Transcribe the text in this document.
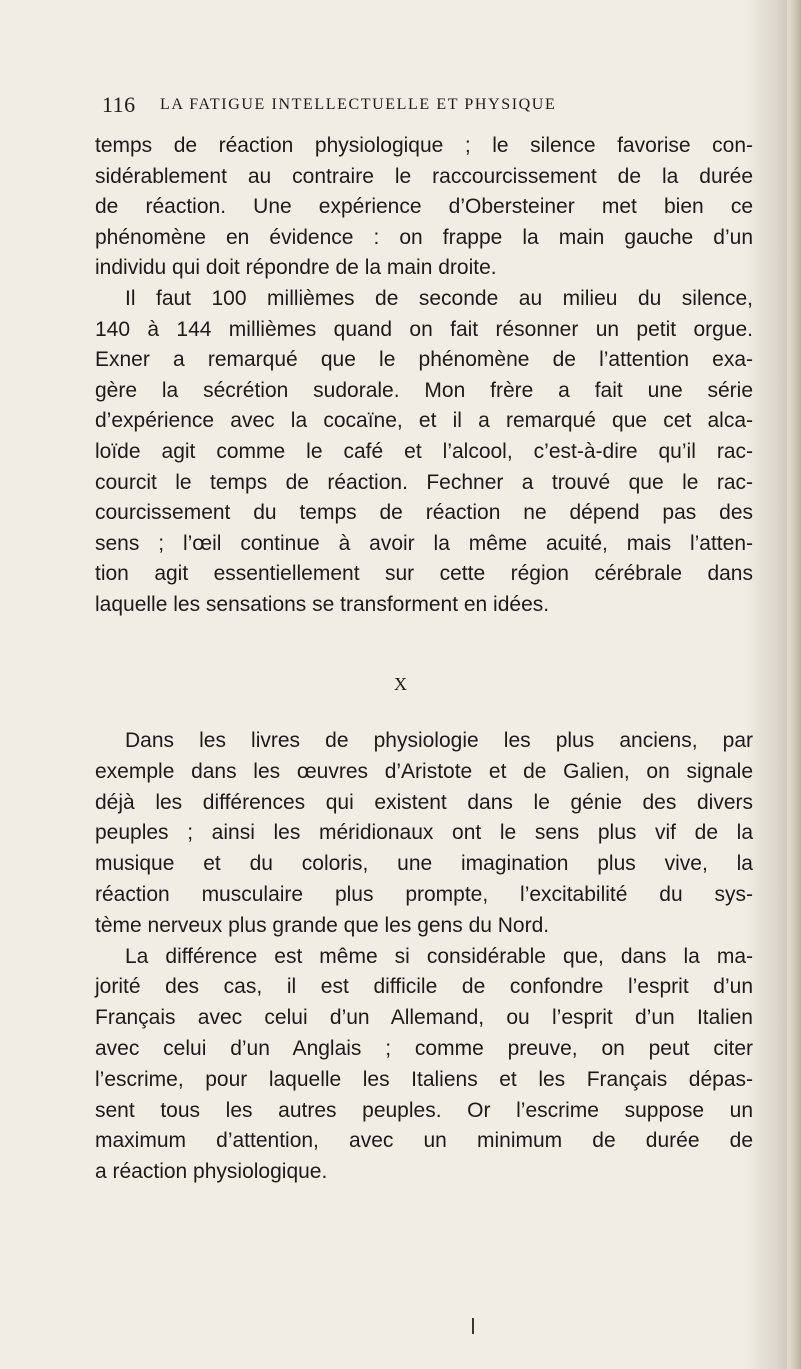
116 LA FATIGUE INTELLECTUELLE ET PHYSIQUE
temps de réaction physiologique ; le silence favorise con-
sidérablement au contraire le raccourcissement de la durée
de réaction. Une expérience d’Obersteiner met bien ce
phénomène en évidence : on frappe la main gauche d’un
individu qui doit répondre de la main droite.
Il faut 100 millièmes de seconde au milieu du silence,
140 à 144 millièmes quand on fait résonner un petit orgue.
Exner a remarqué que le phénomène de l’attention exa-
gère la sécrétion sudorale. Mon frère a fait une série
d’expérience avec la cocaïne, et il a remarqué que cet alca-
loïde agit comme le café et l’alcool, c’est-à-dire qu’il rac-
courcit le temps de réaction. Fechner a trouvé que le rac-
courcissement du temps de réaction ne dépend pas des
sens ; l’œil continue à avoir la même acuité, mais l’atten-
tion agit essentiellement sur cette région cérébrale dans
laquelle les sensations se transforment en idées.
X
Dans les livres de physiologie les plus anciens, par
exemple dans les œuvres d’Aristote et de Galien, on signale
déjà les différences qui existent dans le génie des divers
peuples ; ainsi les méridionaux ont le sens plus vif de la
musique et du coloris, une imagination plus vive, la
réaction musculaire plus prompte, l’excitabilité du sys-
tème nerveux plus grande que les gens du Nord.
La différence est même si considérable que, dans la ma-
jorité des cas, il est difficile de confondre l’esprit d’un
Français avec celui d’un Allemand, ou l’esprit d’un Italien
avec celui d’un Anglais ; comme preuve, on peut citer
l’escrime, pour laquelle les Italiens et les Français dépas-
sent tous les autres peuples. Or l’escrime suppose un
maximum d’attention, avec un minimum de durée de
a réaction physiologique.
